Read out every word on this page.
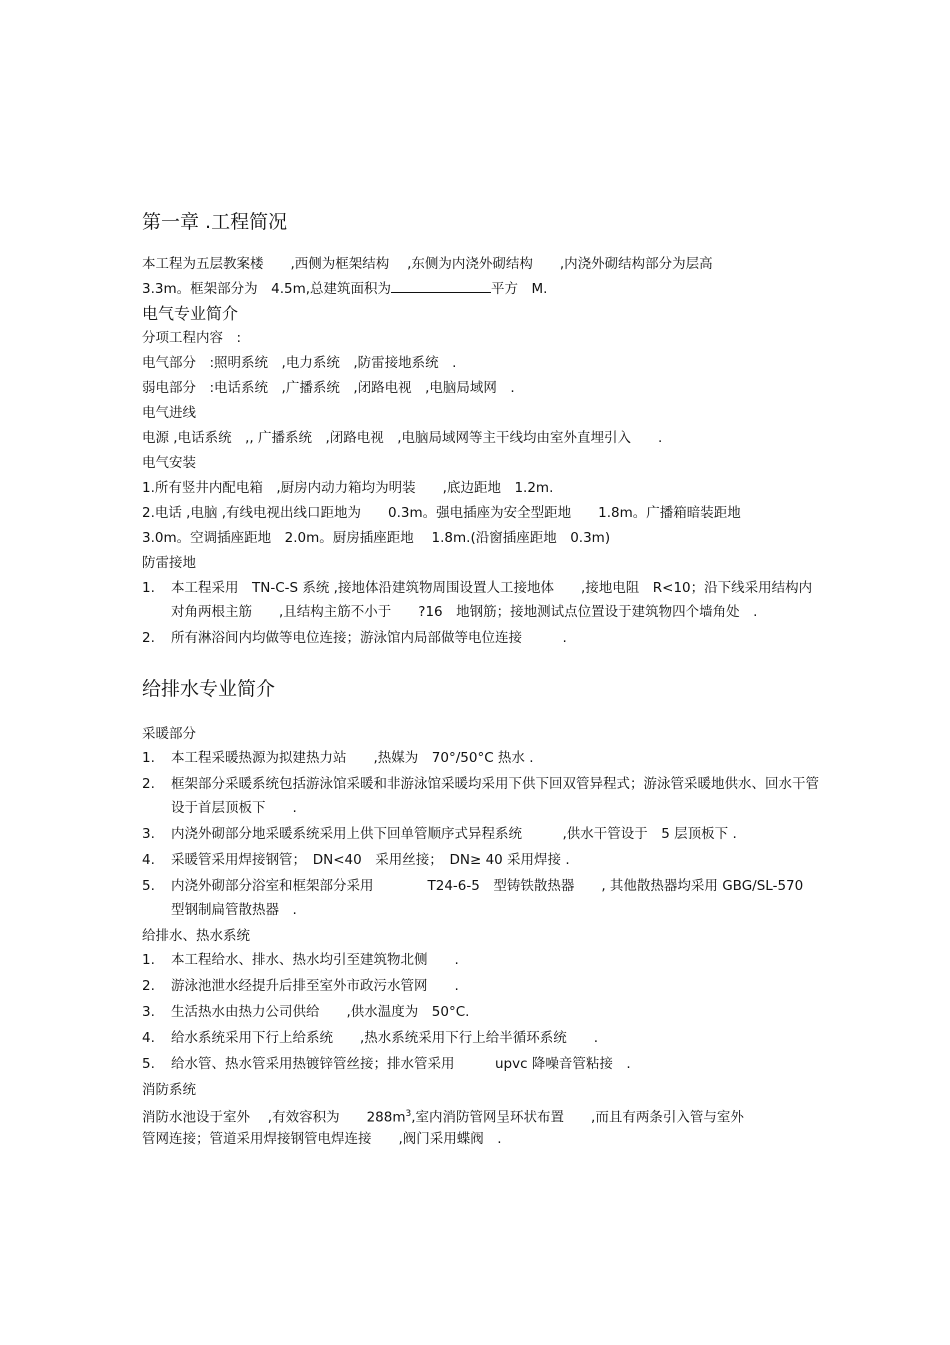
第一章 .工程简况

本工程为五层教案楼　　,西侧为框架结构　 ,东侧为内浇外砌结构　　,内浇外砌结构部分为层高

3.3m。框架部分为　4.5m,总建筑面积为	平方　M.

电气专业简介

分项工程内容　:

电气部分　:照明系统　,电力系统　,防雷接地系统　.

弱电部分　:电话系统　,广播系统　,闭路电视　,电脑局域网　.

电气进线

电源 ,电话系统　,, 广播系统　,闭路电视　,电脑局域网等主干线均由室外直埋引入　　.

电气安装

1.所有竖井内配电箱　,厨房内动力箱均为明装　　,底边距地　1.2m.

2.电话 ,电脑 ,有线电视出线口距地为　　0.3m。强电插座为安全型距地　　1.8m。广播箱暗装距地

3.0m。空调插座距地　2.0m。厨房插座距地　 1.8m.(沿窗插座距地　0.3m)

防雷接地

1.	本工程采用　TN-C-S 系统 ,接地体沿建筑物周围设置人工接地体　　,接地电阻　R<10；沿下线采用结构内对角两根主筋　　,且结构主筋不小于　　?16　地钢筋；接地测试点位置设于建筑物四个墙角处　.
2.	所有淋浴间内均做等电位连接；游泳馆内局部做等电位连接　　　.
给排水专业简介

采暖部分

1.	本工程采暖热源为拟建热力站　　,热媒为　70°/50°C 热水 .
2.	框架部分采暖系统包括游泳馆采暖和非游泳馆采暖均采用下供下回双管异程式；游泳管采暖地供水、回水干管设于首层顶板下　　.
3.	内浇外砌部分地采暖系统采用上供下回单管顺序式异程系统　　　,供水干管设于　5 层顶板下 .
4.	采暖管采用焊接钢管；　DN<40　采用丝接；　DN≥ 40 采用焊接 .
5.	内浇外砌部分浴室和框架部分采用　　　　T24-6-5　型铸铁散热器　　, 其他散热器均采用 GBG/SL-570　型钢制扁管散热器　.

给排水、热水系统

1.	本工程给水、排水、热水均引至建筑物北侧　　.
2.	游泳池泄水经提升后排至室外市政污水管网　　.
3.	生活热水由热力公司供给　　,供水温度为　50°C.
4.	给水系统采用下行上给系统　　,热水系统采用下行上给半循环系统　　.
5.	给水管、热水管采用热镀锌管丝接；排水管采用　　　upvc 降噪音管粘接　.

消防系统

消防水池设于室外　 ,有效容积为　　$288m^3$,室内消防管网呈环状布置　　,而且有两条引入管与室外

管网连接；管道采用焊接钢管电焊连接　　,阀门采用蝶阀　.
